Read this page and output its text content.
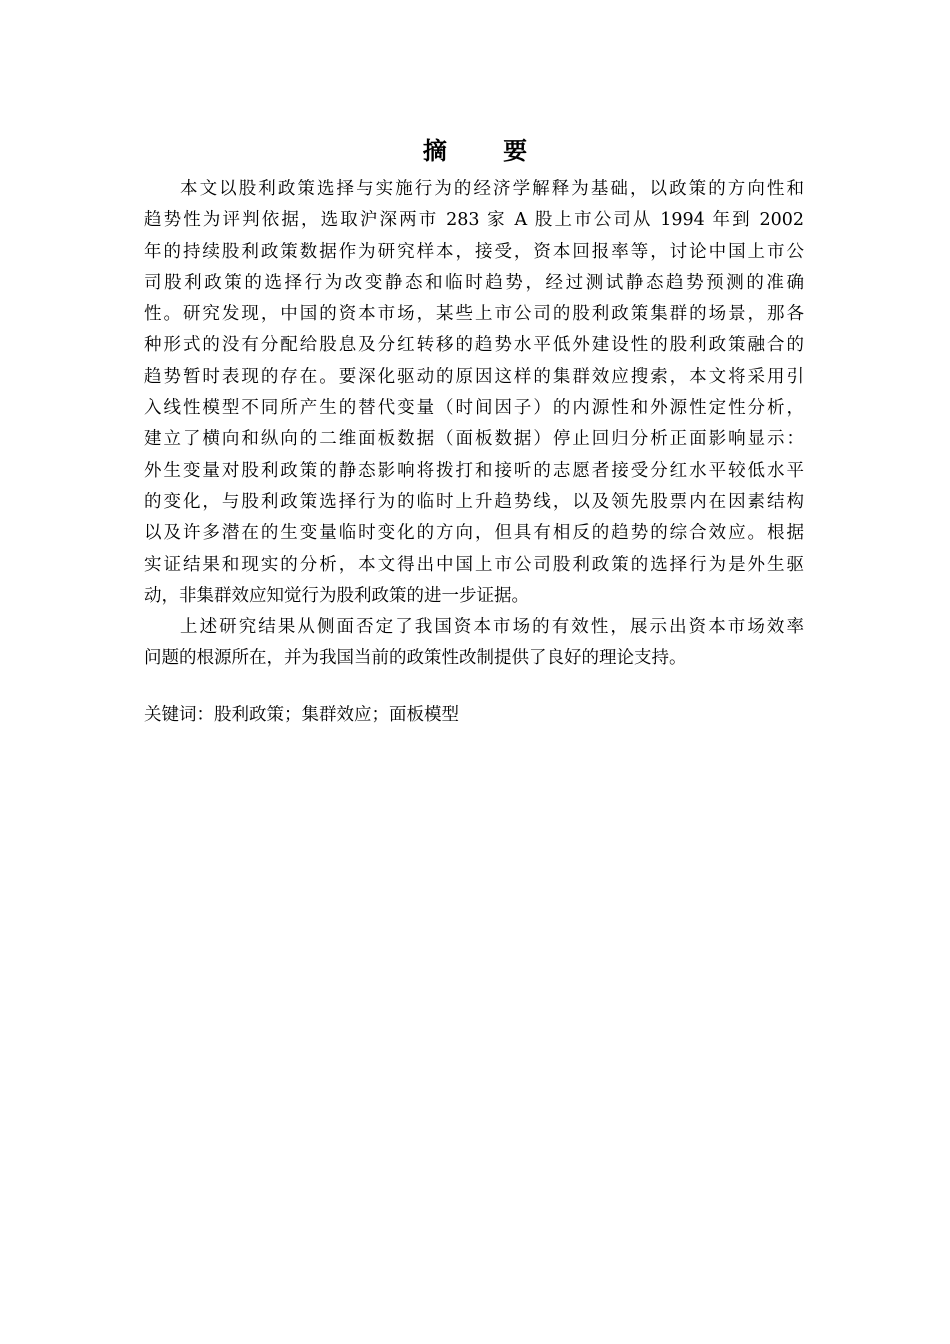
摘 要
本文以股利政策选择与实施行为的经济学解释为基础，以政策的方向性和
趋势性为评判依据，选取沪深两市 283 家 A 股上市公司从 1994 年到 2002
年的持续股利政策数据作为研究样本，接受，资本回报率等，讨论中国上市公
司股利政策的选择行为改变静态和临时趋势，经过测试静态趋势预测的准确
性。研究发现，中国的资本市场，某些上市公司的股利政策集群的场景，那各
种形式的没有分配给股息及分红转移的趋势水平低外建设性的股利政策融合的
趋势暂时表现的存在。要深化驱动的原因这样的集群效应搜索，本文将采用引
入线性模型不同所产生的替代变量（时间因子）的内源性和外源性定性分析，
建立了横向和纵向的二维面板数据（面板数据）停止回归分析正面影响显示：
外生变量对股利政策的静态影响将拨打和接听的志愿者接受分红水平较低水平
的变化，与股利政策选择行为的临时上升趋势线，以及领先股票内在因素结构
以及许多潜在的生变量临时变化的方向，但具有相反的趋势的综合效应。根据
实证结果和现实的分析，本文得出中国上市公司股利政策的选择行为是外生驱
动，非集群效应知觉行为股利政策的进一步证据。
上述研究结果从侧面否定了我国资本市场的有效性，展示出资本市场效率
问题的根源所在，并为我国当前的政策性改制提供了良好的理论支持。
关键词：股利政策；集群效应；面板模型
